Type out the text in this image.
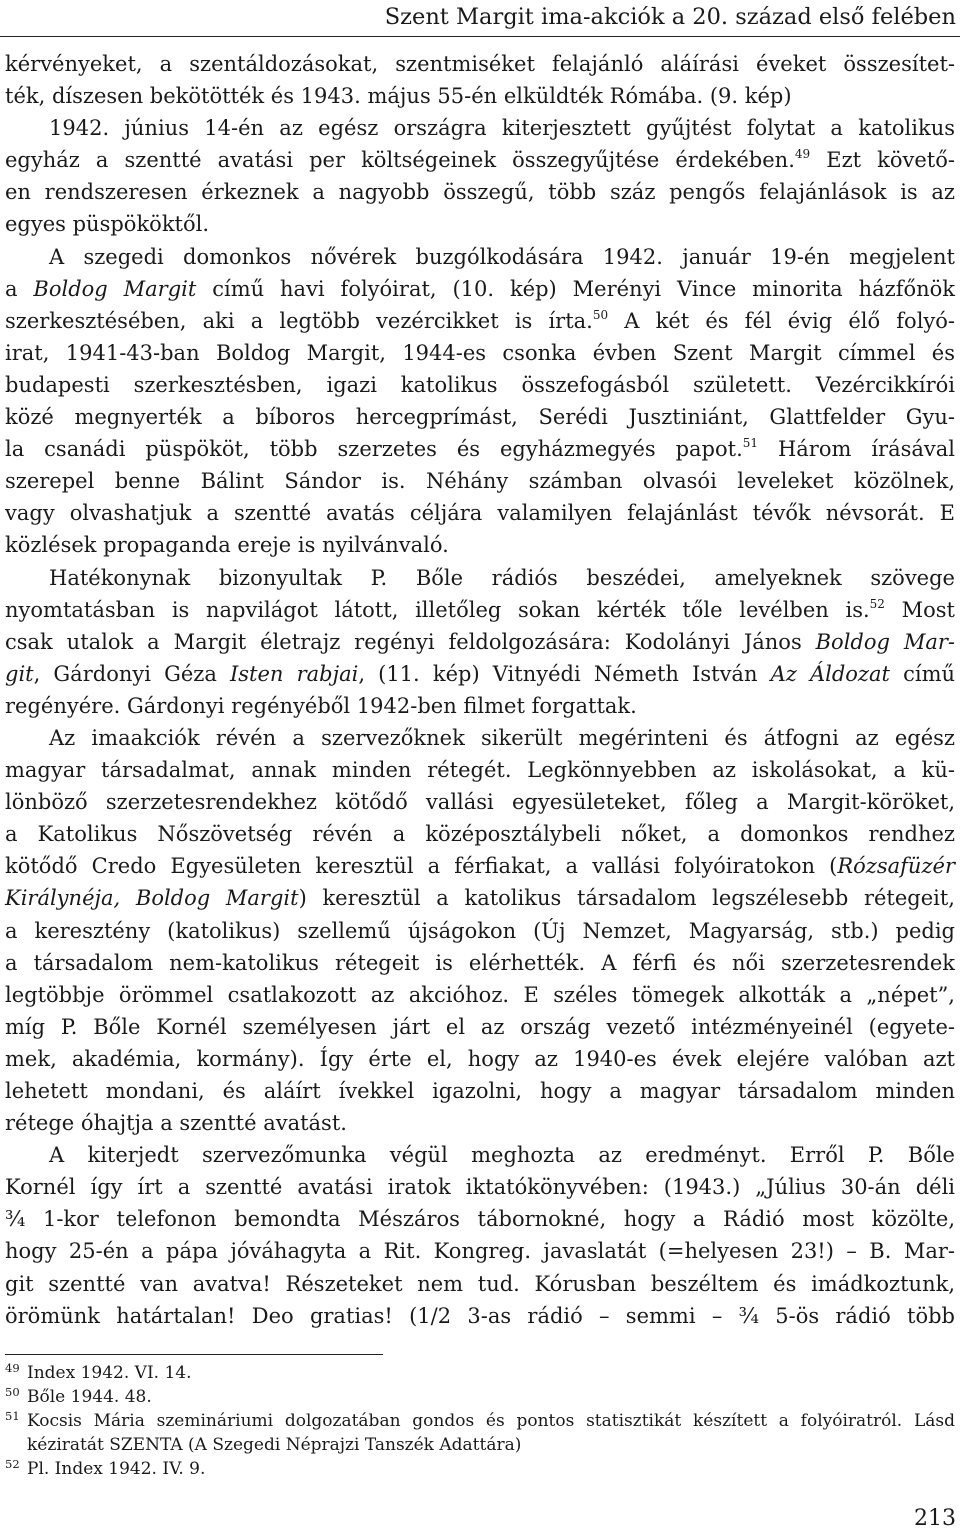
Szent Margit ima-akciók a 20. század első felében
kérvényeket, a szentáldozásokat, szentmiséket felajánló aláírási éveket összesítet-
ték, díszesen bekötötték és 1943. május 55-én elküldték Rómába. (9. kép)
1942. június 14-én az egész országra kiterjesztett gyűjtést folytat a katolikus
egyház a szentté avatási per költségeinek összegyűjtése érdekében.$^{49}$ Ezt követő-
en rendszeresen érkeznek a nagyobb összegű, több száz pengős felajánlások is az
egyes püspököktől.
A szegedi domonkos nővérek buzgólkodására 1942. január 19-én megjelent
a Boldog Margit című havi folyóirat, (10. kép) Merényi Vince minorita házfőnök
szerkesztésében, aki a legtöbb vezércikket is írta.$^{50}$ A két és fél évig élő folyó-
irat, 1941-43-ban Boldog Margit, 1944-es csonka évben Szent Margit címmel és
budapesti szerkesztésben, igazi katolikus összefogásból született. Vezércikkírói
közé megnyerték a bíboros hercegprímást, Serédi Jusztiniánt, Glattfelder Gyu-
la csanádi püspököt, több szerzetes és egyházmegyés papot.$^{51}$ Három írásával
szerepel benne Bálint Sándor is. Néhány számban olvasói leveleket közölnek,
vagy olvashatjuk a szentté avatás céljára valamilyen felajánlást tévők névsorát. E
közlések propaganda ereje is nyilvánvaló.
Hatékonynak bizonyultak P. Bőle rádiós beszédei, amelyeknek szövege
nyomtatásban is napvilágot látott, illetőleg sokan kérték tőle levélben is.$^{52}$ Most
csak utalok a Margit életrajz regényi feldolgozására: Kodolányi János Boldog Mar-
git, Gárdonyi Géza Isten rabjai, (11. kép) Vitnyédi Németh István Az Áldozat című
regényére. Gárdonyi regényéből 1942-ben filmet forgattak.
Az imaakciók révén a szervezőknek sikerült megérinteni és átfogni az egész
magyar társadalmat, annak minden rétegét. Legkönnyebben az iskolásokat, a kü-
lönböző szerzetesrendekhez kötődő vallási egyesületeket, főleg a Margit-köröket,
a Katolikus Nőszövetség révén a középosztálybeli nőket, a domonkos rendhez
kötődő Credo Egyesületen keresztül a férfiakat, a vallási folyóiratokon (Rózsafüzér
Királynéja, Boldog Margit) keresztül a katolikus társadalom legszélesebb rétegeit,
a keresztény (katolikus) szellemű újságokon (Új Nemzet, Magyarság, stb.) pedig
a társadalom nem-katolikus rétegeit is elérhették. A férfi és női szerzetesrendek
legtöbbje örömmel csatlakozott az akcióhoz. E széles tömegek alkották a „népet”,
míg P. Bőle Kornél személyesen járt el az ország vezető intézményeinél (egyete-
mek, akadémia, kormány). Így érte el, hogy az 1940-es évek elejére valóban azt
lehetett mondani, és aláírt ívekkel igazolni, hogy a magyar társadalom minden
rétege óhajtja a szentté avatást.
A kiterjedt szervezőmunka végül meghozta az eredményt. Erről P. Bőle
Kornél így írt a szentté avatási iratok iktatókönyvében: (1943.) „Július 30-án déli
¾ 1-kor telefonon bemondta Mészáros tábornokné, hogy a Rádió most közölte,
hogy 25-én a pápa jóváhagyta a Rit. Kongreg. javaslatát (=helyesen 23!) – B. Mar-
git szentté van avatva! Részeteket nem tud. Kórusban beszéltem és imádkoztunk,
örömünk határtalan! Deo gratias! (1/2 3-as rádió – semmi – ¾ 5-ös rádió több
49 Index 1942. VI. 14.
50 Bőle 1944. 48.
51 Kocsis Mária szemináriumi dolgozatában gondos és pontos statisztikát készített a folyóiratról. Lásd
kéziratát SZENTA (A Szegedi Néprajzi Tanszék Adattára)
52 Pl. Index 1942. IV. 9.
213
